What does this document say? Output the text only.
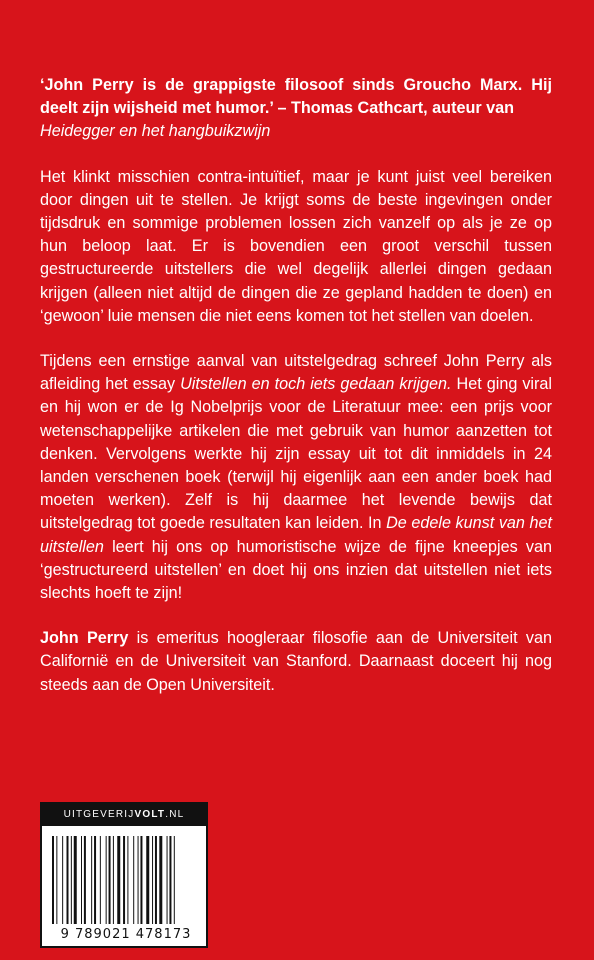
‘John Perry is de grappigste filosoof sinds Groucho Marx. Hij deelt zijn wijsheid met humor.’ – Thomas Cathcart, auteur van
Heidegger en het hangbuikzwijn

Het klinkt misschien contra-intuïtief, maar je kunt juist veel bereiken door dingen uit te stellen. Je krijgt soms de beste ingevingen onder tijdsdruk en sommige problemen lossen zich vanzelf op als je ze op hun beloop laat. Er is bovendien een groot verschil tussen gestructureerde uitstellers die wel degelijk allerlei dingen gedaan krijgen (alleen niet altijd de dingen die ze gepland hadden te doen) en ‘gewoon’ luie mensen die niet eens komen tot het stellen van doelen.

Tijdens een ernstige aanval van uitstelgedrag schreef John Perry als afleiding het essay Uitstellen en toch iets gedaan krijgen. Het ging viral en hij won er de Ig Nobelprijs voor de Literatuur mee: een prijs voor wetenschappelijke artikelen die met gebruik van humor aanzetten tot denken. Vervolgens werkte hij zijn essay uit tot dit inmiddels in 24 landen verschenen boek (terwijl hij eigenlijk aan een ander boek had moeten werken). Zelf is hij daarmee het levende bewijs dat uitstelgedrag tot goede resultaten kan leiden. In De edele kunst van het uitstellen leert hij ons op humoristische wijze de fijne kneepjes van ‘gestructureerd uitstellen’ en doet hij ons inzien dat uitstellen niet iets slechts hoeft te zijn!

John Perry is emeritus hoogleraar filosofie aan de Universiteit van Californië en de Universiteit van Stanford. Daarnaast doceert hij nog steeds aan de Open Universiteit.

UITGEVERIJVOLT.NL
9 789021 478173
